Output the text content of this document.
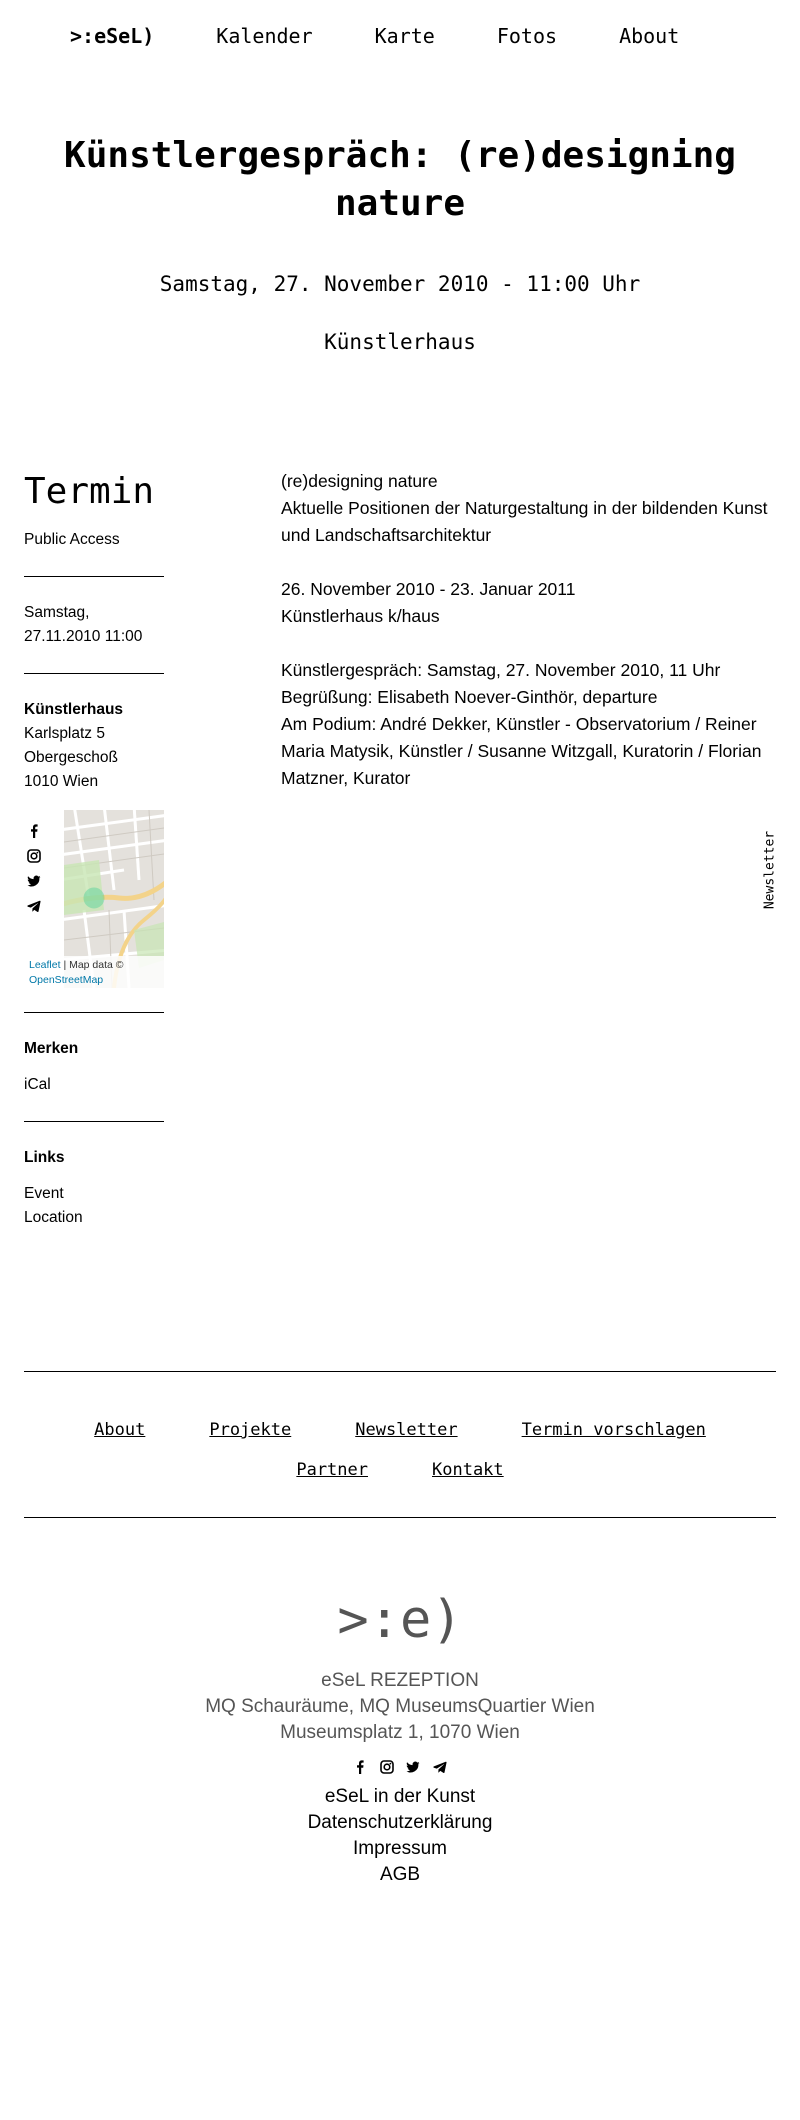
>:eSeL)	Kalender	Karte	Fotos	About
Künstlergespräch: (re)designing nature
Samstag, 27. November 2010 - 11:00 Uhr
Künstlerhaus
Termin
Public Access
Samstag,
27.11.2010 11:00
Künstlerhaus
Karlsplatz 5
Obergeschoß
1010 Wien
Leaflet | Map data ©
OpenStreetMap
Merken
iCal
Links
Event
Location

(re)designing nature
Aktuelle Positionen der Naturgestaltung in der bildenden Kunst und Landschaftsarchitektur

26. November 2010 - 23. Januar 2011
Künstlerhaus k/haus

Künstlergespräch: Samstag, 27. November 2010, 11 Uhr
Begrüßung: Elisabeth Noever-Ginthör, departure
Am Podium: André Dekker, Künstler - Observatorium / Reiner Maria Matysik, Künstler / Susanne Witzgall, Kuratorin / Florian Matzner, Kurator

Newsletter
About	Projekte	Newsletter	Termin vorschlagen
Partner	Kontakt
>:e)
eSeL REZEPTION
MQ Schauräume, MQ MuseumsQuartier Wien
Museumsplatz 1, 1070 Wien

eSeL in der Kunst
Datenschutzerklärung
Impressum
AGB
